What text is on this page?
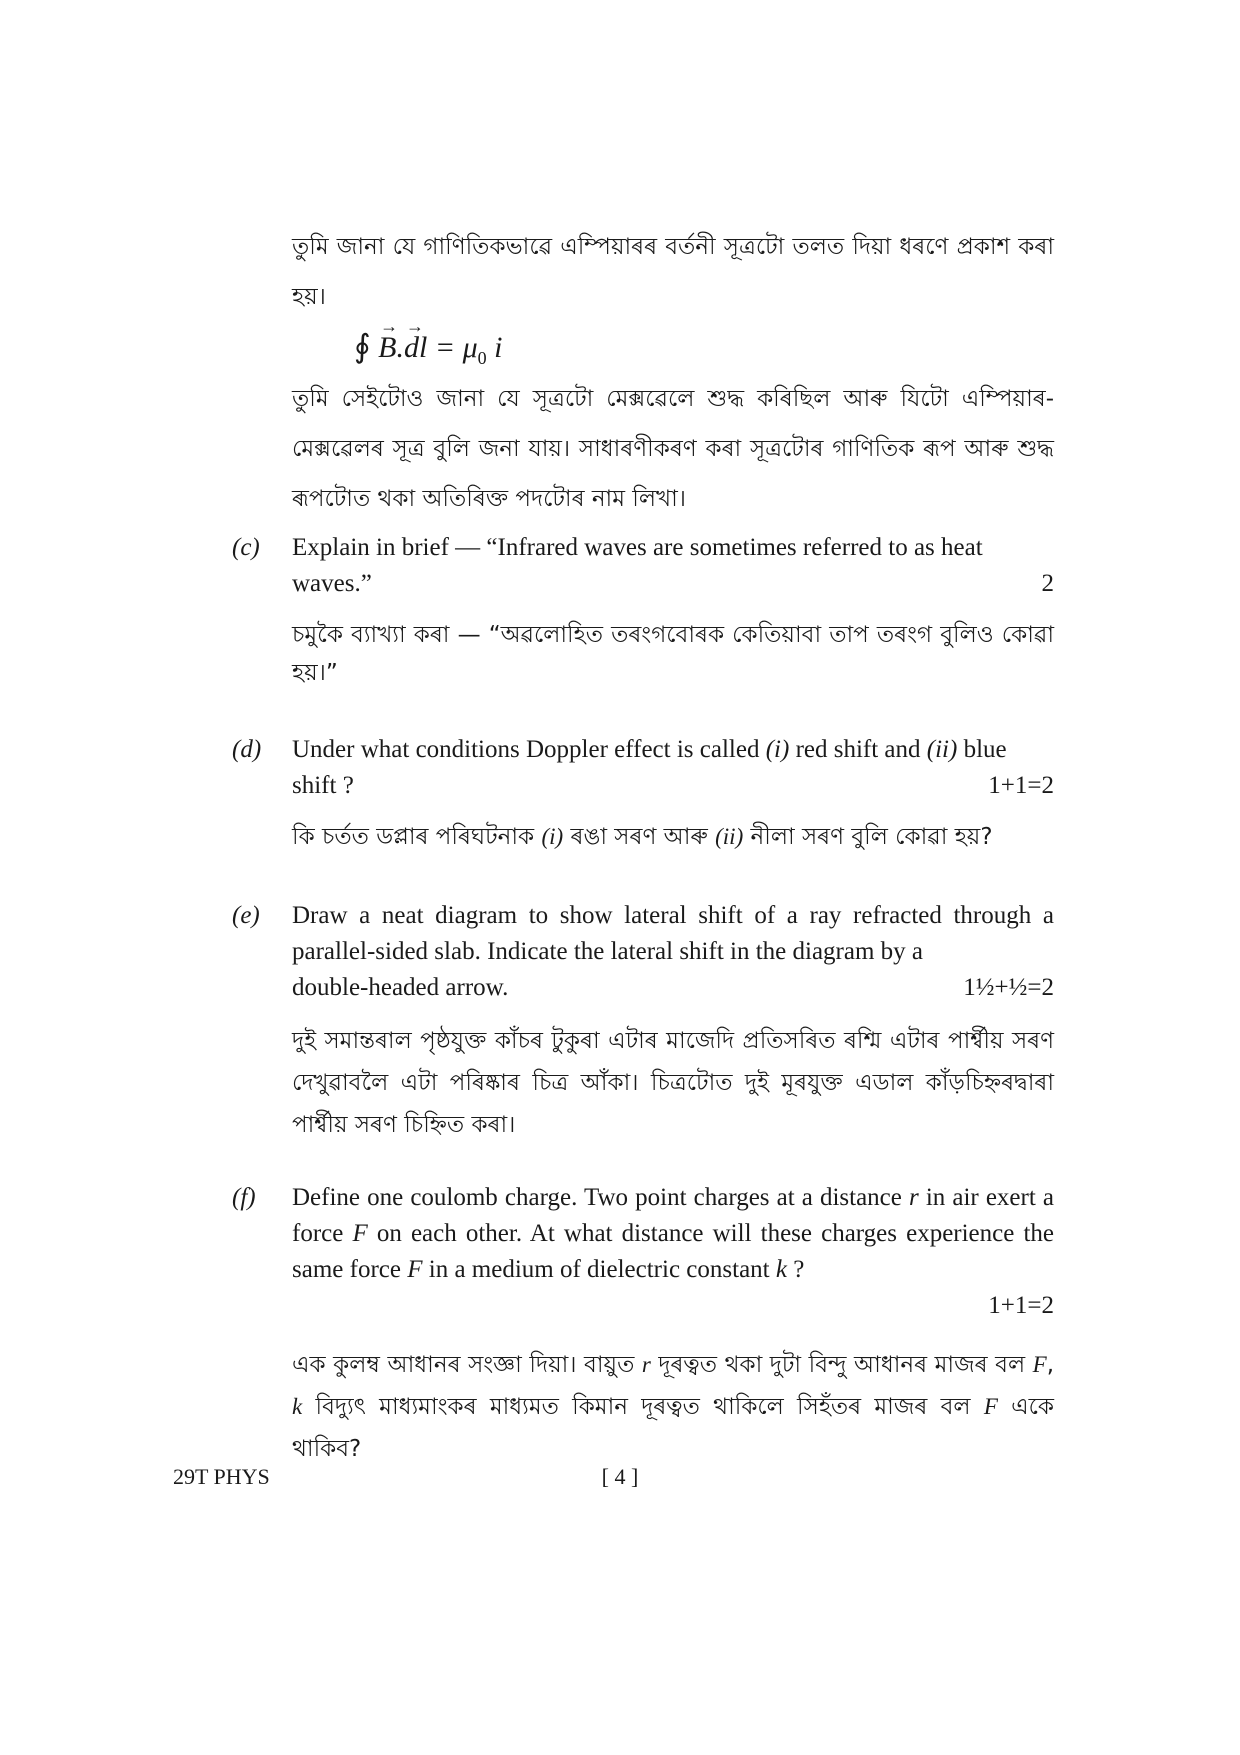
তুমি জানা যে গাণিতিকভাৱে এম্পিয়াৰৰ বৰ্তনী সূত্ৰটো তলত দিয়া ধৰণে প্ৰকাশ কৰা হয়।

∮ → B.→ dl = $\mu_0$ i

তুমি সেইটোও জানা যে সূত্ৰটো মেক্সৱেলে শুদ্ধ কৰিছিল আৰু যিটো এম্পিয়াৰ-মেক্সৱেলৰ সূত্ৰ বুলি জনা যায়। সাধাৰণীকৰণ কৰা সূত্ৰটোৰ গাণিতিক ৰূপ আৰু শুদ্ধ ৰূপটোত থকা অতিৰিক্ত পদটোৰ নাম লিখা।

(c)	Explain in brief — “Infrared waves are sometimes referred to as heat
waves.”	2

চমুকৈ ব্যাখ্যা কৰা — “অৱলোহিত তৰংগবোৰক কেতিয়াবা তাপ তৰংগ বুলিও কোৱা হয়।”

(d)	Under what conditions Doppler effect is called (i) red shift and (ii) blue
shift ?	1+1=2

কি চৰ্তত ডপ্লাৰ পৰিঘটনাক (i) ৰঙা সৰণ আৰু (ii) নীলা সৰণ বুলি কোৱা হয়?

(e)	Draw a neat diagram to show lateral shift of a ray refracted through a parallel-sided slab. Indicate the lateral shift in the diagram by a
double-headed arrow.	1½+½=2

দুই সমান্তৰাল পৃষ্ঠযুক্ত কাঁচৰ টুকুৰা এটাৰ মাজেদি প্ৰতিসৰিত ৰশ্মি এটাৰ পাৰ্শ্বীয় সৰণ দেখুৱাবলৈ এটা পৰিষ্কাৰ চিত্ৰ আঁকা। চিত্ৰটোত দুই মূৰযুক্ত এডাল কাঁড়চিহ্নৰদ্বাৰা পাৰ্শ্বীয় সৰণ চিহ্নিত কৰা।

(f)	Define one coulomb charge. Two point charges at a distance r in air exert a force F on each other. At what distance will these charges experience the same force F in a medium of dielectric constant k ?

1+1=2

এক কুলম্ব আধানৰ সংজ্ঞা দিয়া। বায়ুত r দূৰত্বত থকা দুটা বিন্দু আধানৰ মাজৰ বল F, k বিদ্যুৎ মাধ্যমাংকৰ মাধ্যমত কিমান দূৰত্বত থাকিলে সিহঁতৰ মাজৰ বল F একে থাকিব?

29T PHYS	[ 4 ]
